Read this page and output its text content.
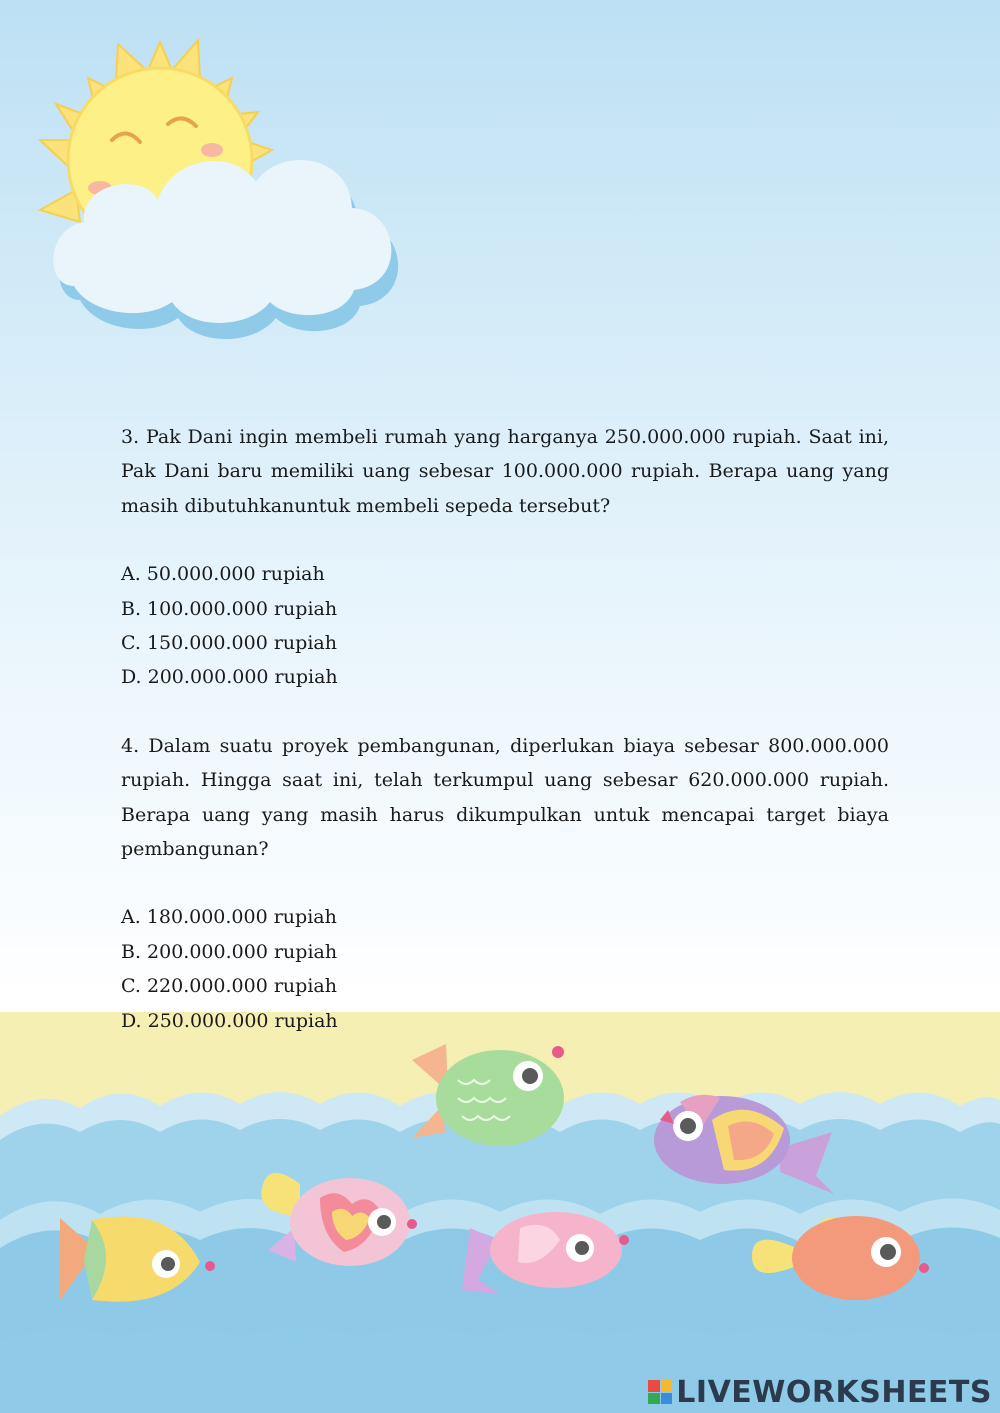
3. Pak Dani ingin membeli rumah yang harganya 250.000.000 rupiah. Saat ini, Pak Dani baru memiliki uang sebesar 100.000.000 rupiah. Berapa uang yang masih dibutuhkanuntuk membeli sepeda tersebut?

A. 50.000.000 rupiah
B. 100.000.000 rupiah
C. 150.000.000 rupiah
D. 200.000.000 rupiah

4. Dalam suatu proyek pembangunan, diperlukan biaya sebesar 800.000.000 rupiah. Hingga saat ini, telah terkumpul uang sebesar 620.000.000 rupiah. Berapa uang yang masih harus dikumpulkan untuk mencapai target biaya pembangunan?

A. 180.000.000 rupiah
B. 200.000.000 rupiah
C. 220.000.000 rupiah
D. 250.000.000 rupiah
LIVEWORKSHEETS
